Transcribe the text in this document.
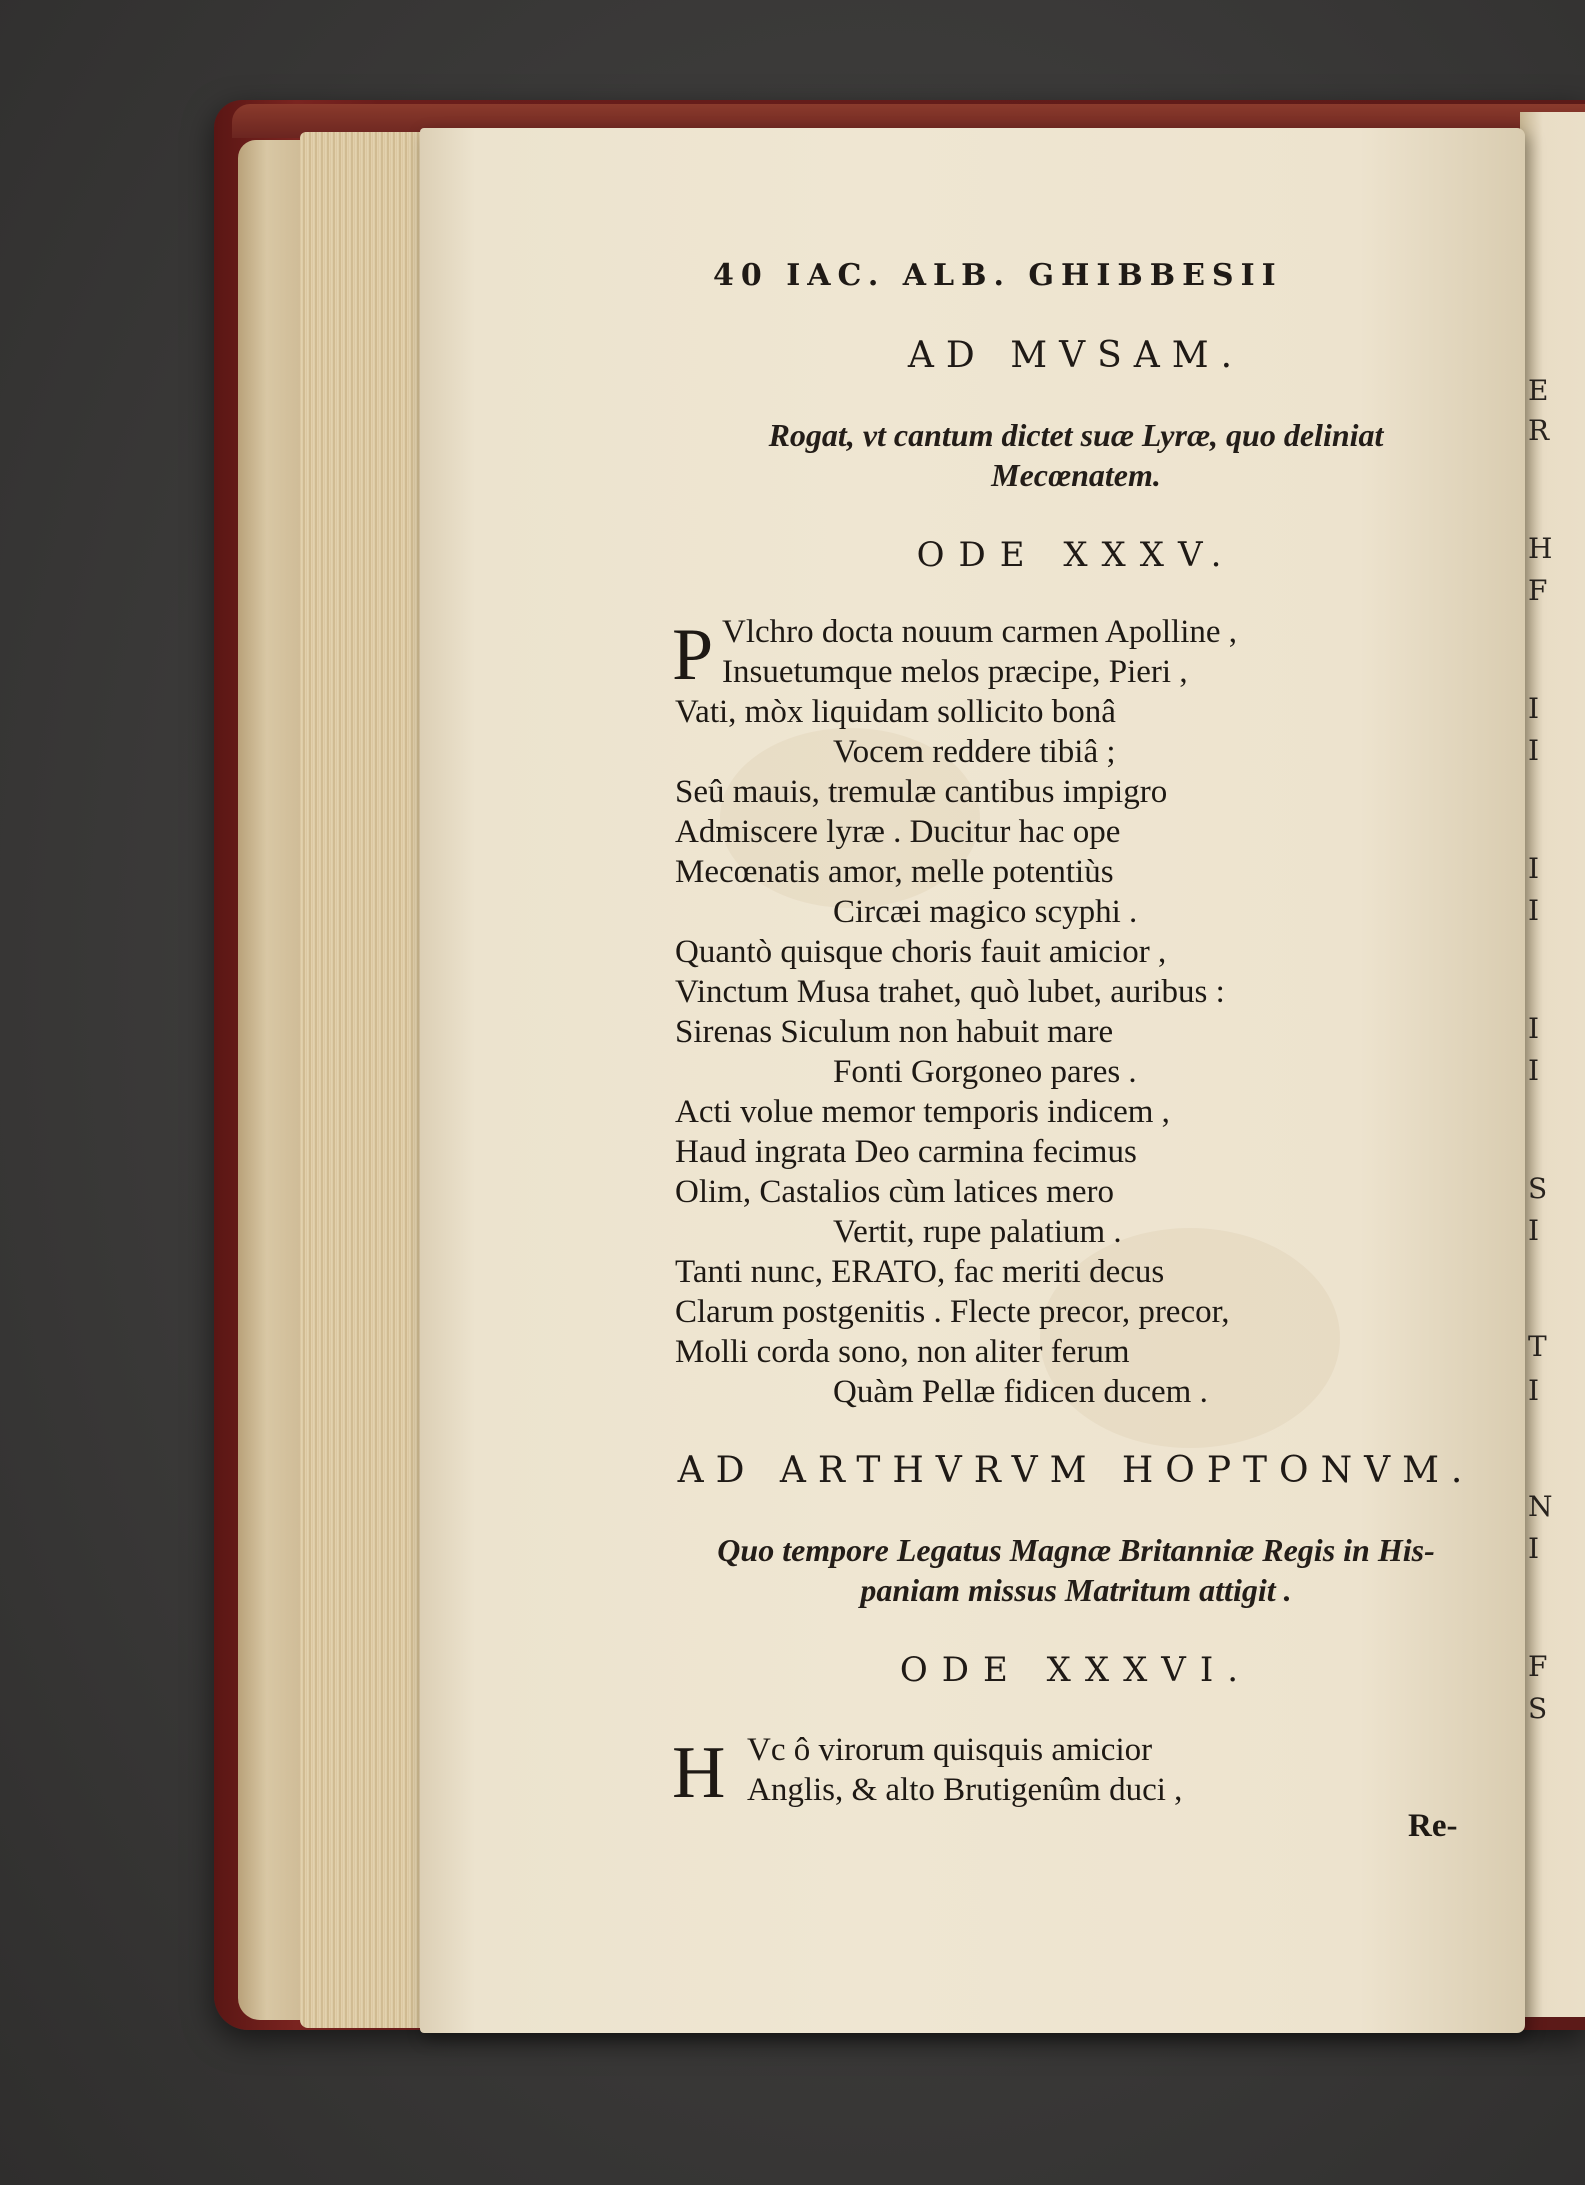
E
R
H
F
I
I
I
I
I
I
S
I
T
I
N
I
F
S
40 IAC. ALB. GHIBBESII
AD MVSAM.
Rogat, vt cantum dictet suæ Lyræ, quo deliniat
Mecœnatem.
ODE XXXV.
P Vlchro docta nouum carmen Apolline ,
Insuetumque melos præcipe, Pieri ,
Vati, mòx liquidam sollicito bonâ
Vocem reddere tibiâ ;
Seû mauis, tremulæ cantibus impigro
Admiscere lyræ . Ducitur hac ope
Mecœnatis amor, melle potentiùs
Circæi magico scyphi .
Quantò quisque choris fauit amicior ,
Vinctum Musa trahet, quò lubet, auribus :
Sirenas Siculum non habuit mare
Fonti Gorgoneo pares .
Acti volue memor temporis indicem ,
Haud ingrata Deo carmina fecimus
Olim, Castalios cùm latices mero
Vertit, rupe palatium .
Tanti nunc, ERATO, fac meriti decus
Clarum postgenitis . Flecte precor, precor,
Molli corda sono, non aliter ferum
Quàm Pellæ fidicen ducem .
AD ARTHVRVM HOPTONVM.
Quo tempore Legatus Magnæ Britanniæ Regis in His-
paniam missus Matritum attigit .
ODE XXXVI.
H Vc ô virorum quisquis amicior
Anglis, & alto Brutigenûm duci ,
Re-
